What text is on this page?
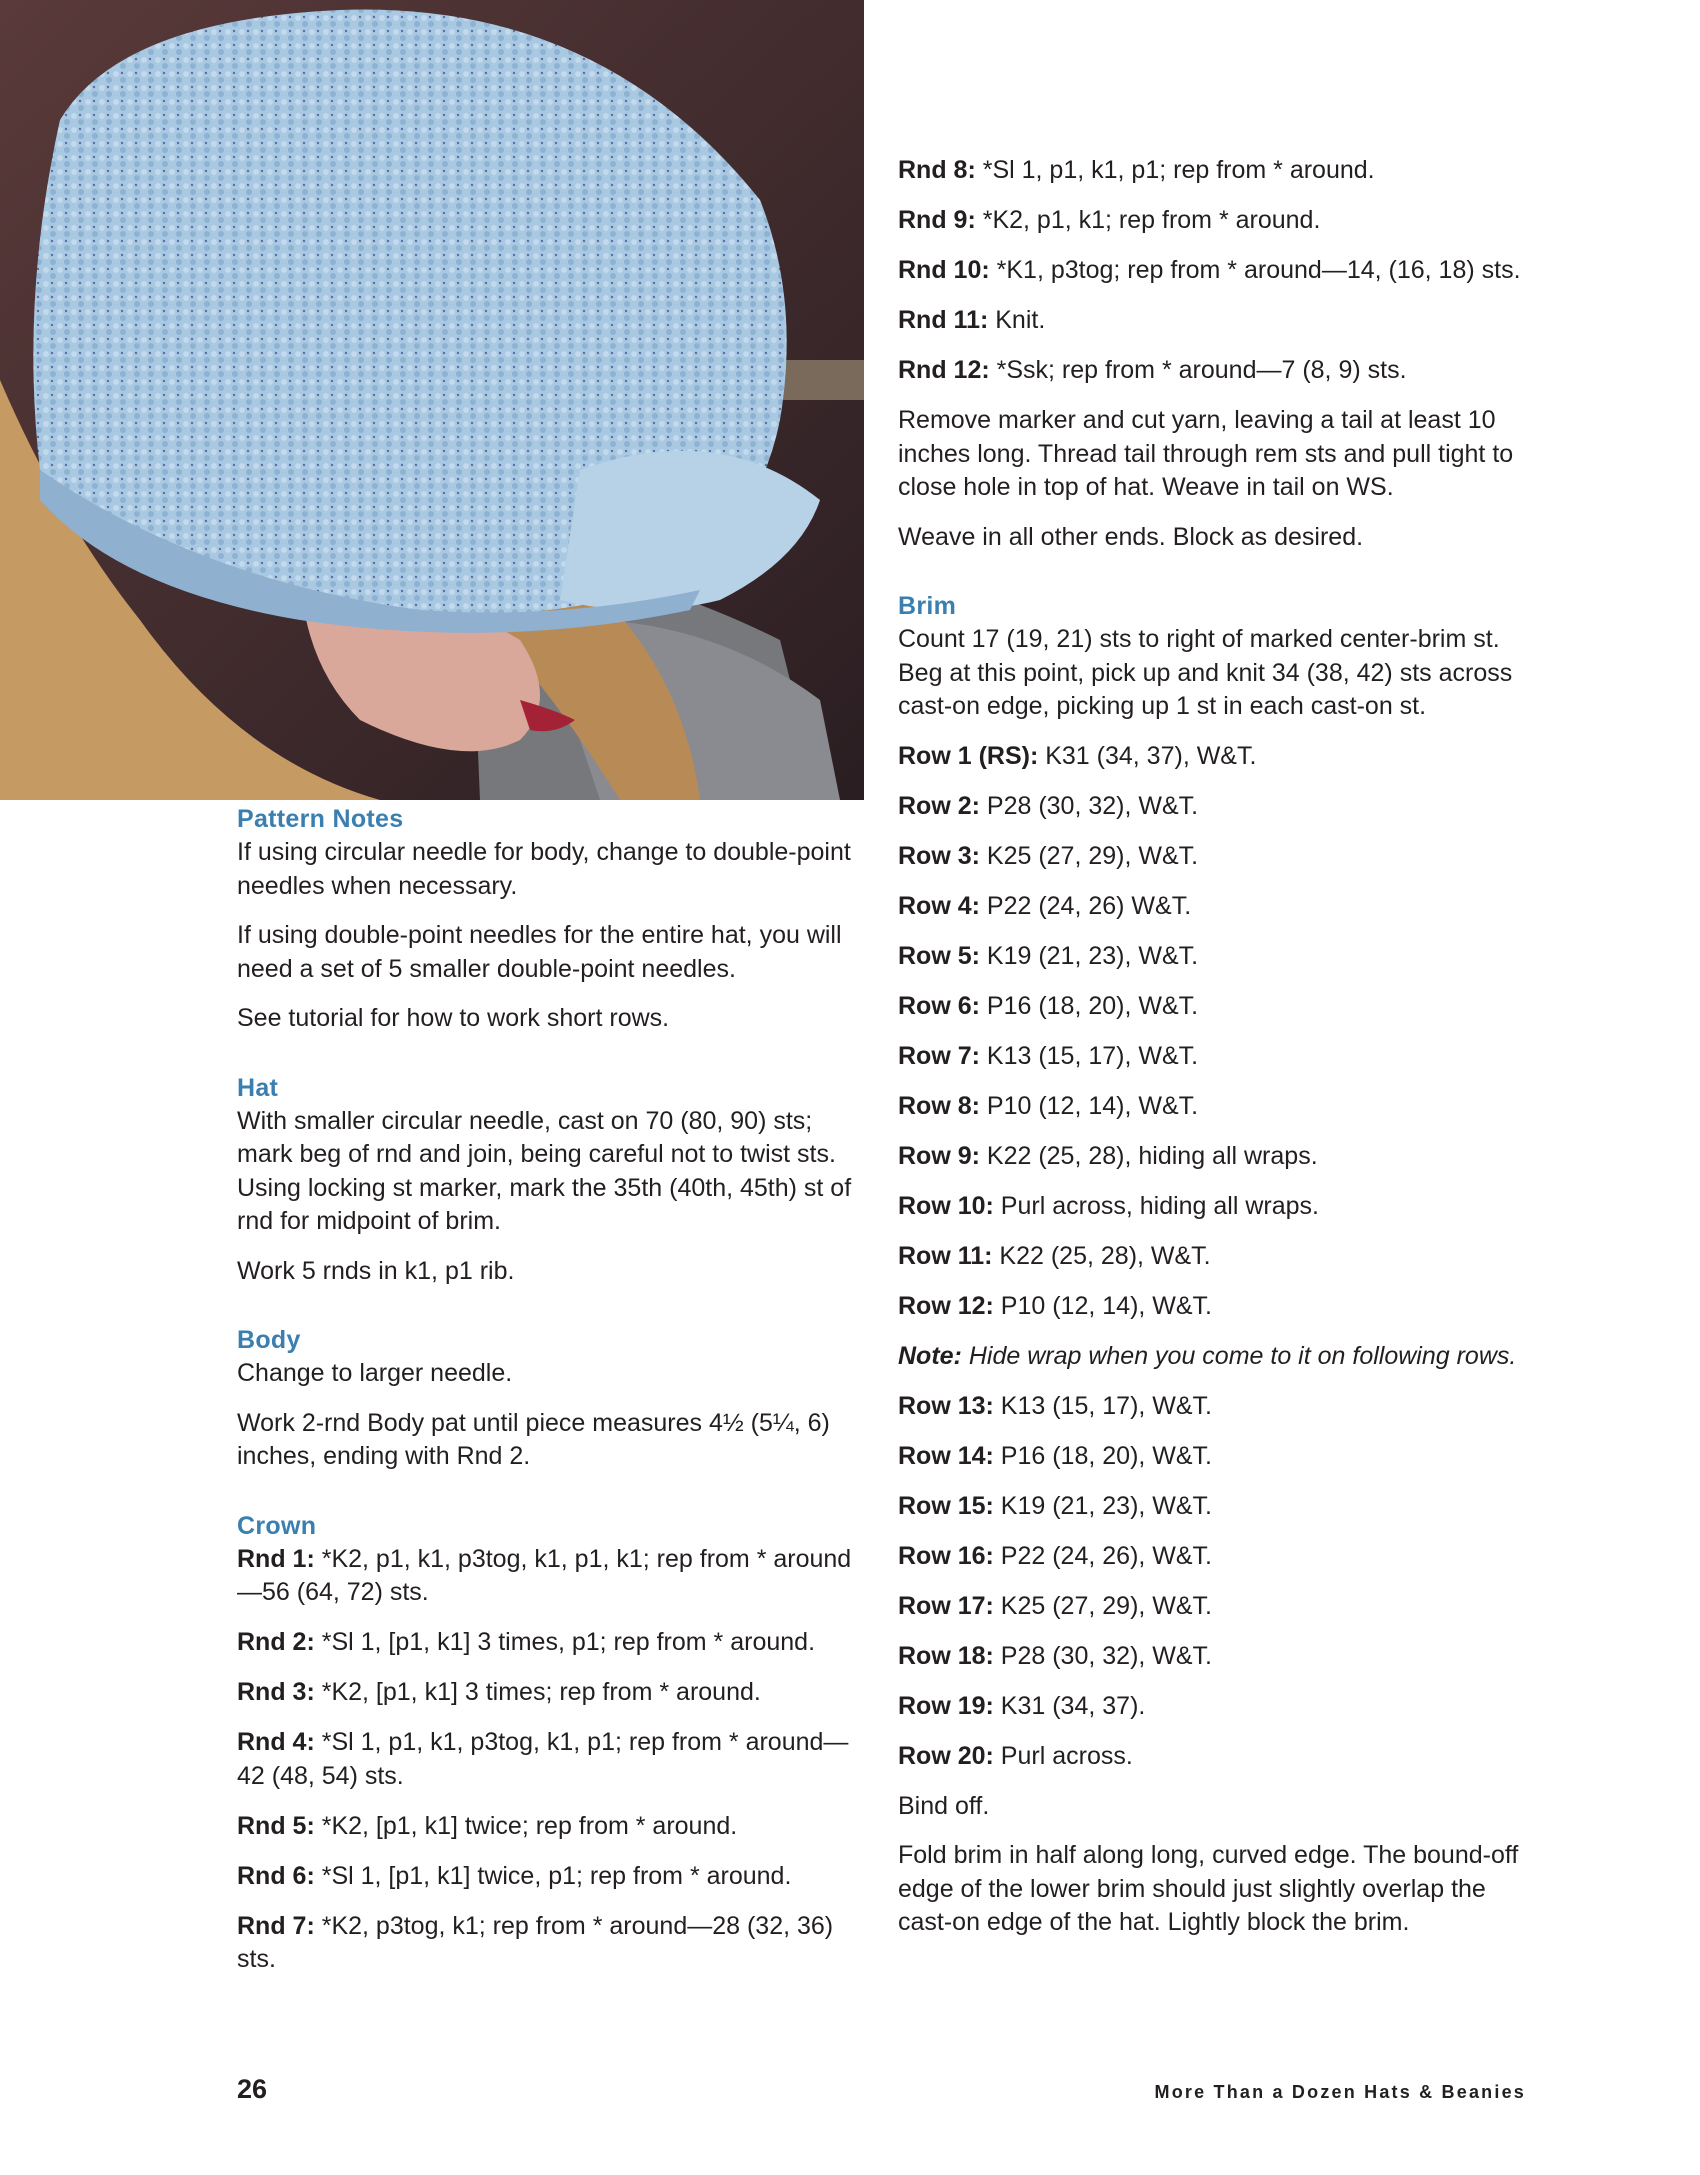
Pattern Notes

If using circular needle for body, change to double-point needles when necessary.

If using double-point needles for the entire hat, you will need a set of 5 smaller double-point needles.

See tutorial for how to work short rows.

Hat

With smaller circular needle, cast on 70 (80, 90) sts; mark beg of rnd and join, being careful not to twist sts. Using locking st marker, mark the 35th (40th, 45th) st of rnd for midpoint of brim.

Work 5 rnds in k1, p1 rib.

Body

Change to larger needle.

Work 2-rnd Body pat until piece measures 4½ (5¼, 6) inches, ending with Rnd 2.

Crown

Rnd 1: *K2, p1, k1, p3tog, k1, p1, k1; rep from * around—56 (64, 72) sts.

Rnd 2: *Sl 1, [p1, k1] 3 times, p1; rep from * around.

Rnd 3: *K2, [p1, k1] 3 times; rep from * around.

Rnd 4: *Sl 1, p1, k1, p3tog, k1, p1; rep from * around—42 (48, 54) sts.

Rnd 5: *K2, [p1, k1] twice; rep from * around.

Rnd 6: *Sl 1, [p1, k1] twice, p1; rep from * around.

Rnd 7: *K2, p3tog, k1; rep from * around—28 (32, 36) sts.

Rnd 8: *Sl 1, p1, k1, p1; rep from * around.

Rnd 9: *K2, p1, k1; rep from * around.

Rnd 10: *K1, p3tog; rep from * around—14, (16, 18) sts.

Rnd 11: Knit.

Rnd 12: *Ssk; rep from * around—7 (8, 9) sts.

Remove marker and cut yarn, leaving a tail at least 10 inches long. Thread tail through rem sts and pull tight to close hole in top of hat. Weave in tail on WS.

Weave in all other ends. Block as desired.

Brim

Count 17 (19, 21) sts to right of marked center-brim st. Beg at this point, pick up and knit 34 (38, 42) sts across cast-on edge, picking up 1 st in each cast-on st.

Row 1 (RS): K31 (34, 37), W&T.

Row 2: P28 (30, 32), W&T.

Row 3: K25 (27, 29), W&T.

Row 4: P22 (24, 26) W&T.

Row 5: K19 (21, 23), W&T.

Row 6: P16 (18, 20), W&T.

Row 7: K13 (15, 17), W&T.

Row 8: P10 (12, 14), W&T.

Row 9: K22 (25, 28), hiding all wraps.

Row 10: Purl across, hiding all wraps.

Row 11: K22 (25, 28), W&T.

Row 12: P10 (12, 14), W&T.

Note: Hide wrap when you come to it on following rows.

Row 13: K13 (15, 17), W&T.

Row 14: P16 (18, 20), W&T.

Row 15: K19 (21, 23), W&T.

Row 16: P22 (24, 26), W&T.

Row 17: K25 (27, 29), W&T.

Row 18: P28 (30, 32), W&T.

Row 19: K31 (34, 37).

Row 20: Purl across.

Bind off.

Fold brim in half along long, curved edge. The bound-off edge of the lower brim should just slightly overlap the cast-on edge of the hat. Lightly block the brim.

26	More Than a Dozen Hats & Beanies
